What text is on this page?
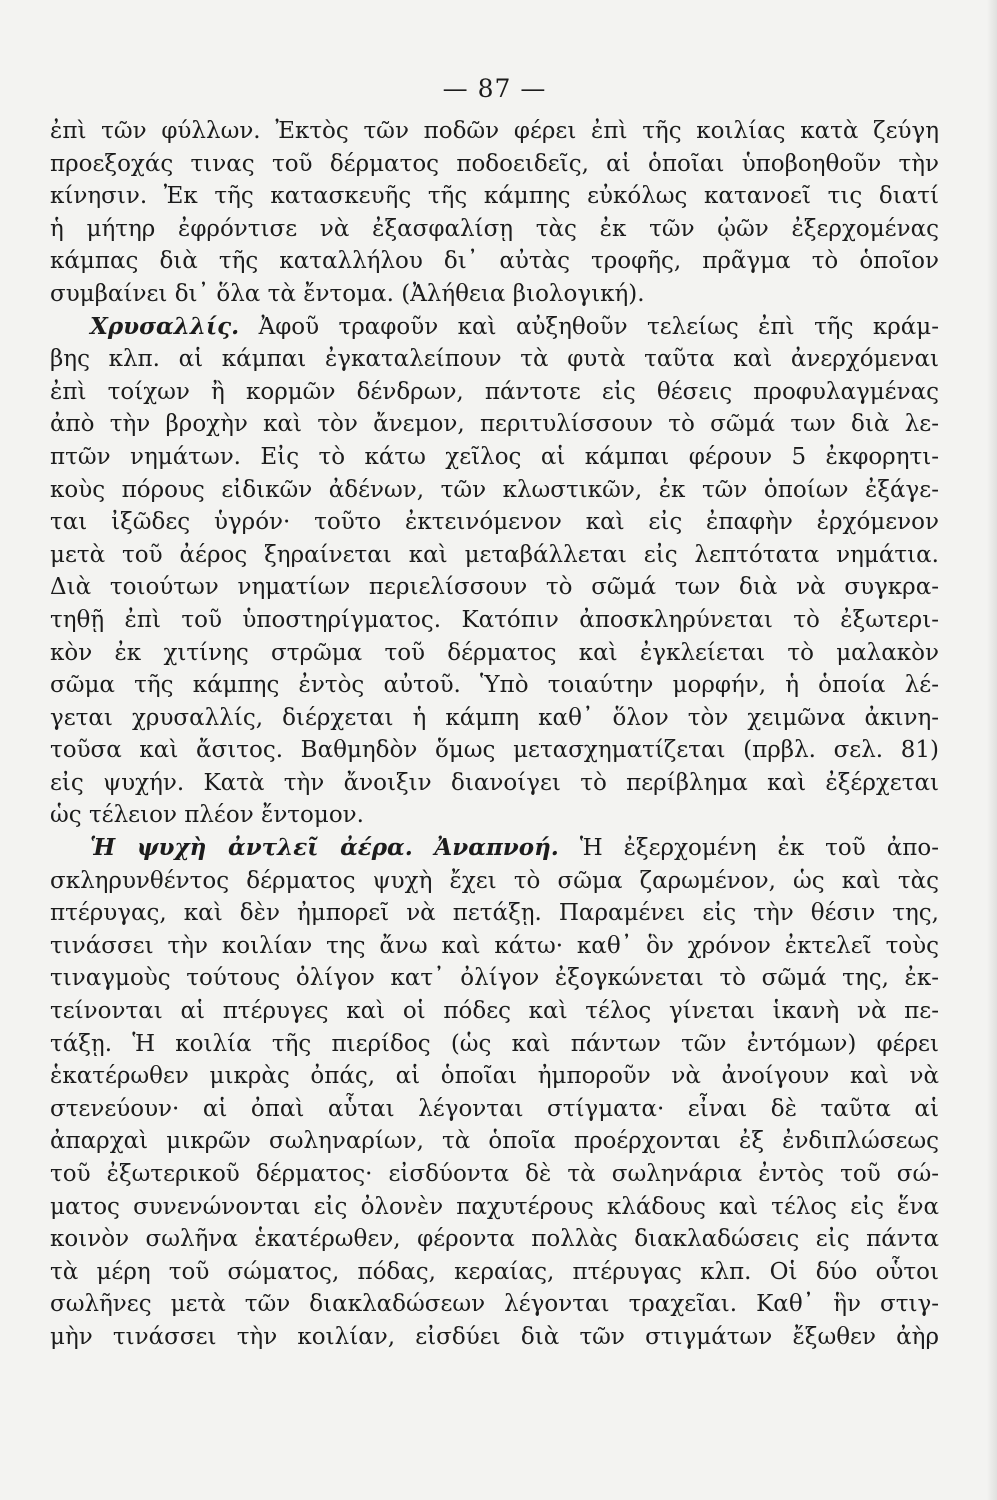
— 87 —
ἐπὶ τῶν φύλλων. Ἐκτὸς τῶν ποδῶν φέρει ἐπὶ τῆς κοιλίας κατὰ ζεύγη
προεξοχάς τινας τοῦ δέρματος ποδοειδεῖς, αἱ ὁποῖαι ὑποβοηθοῦν τὴν
κίνησιν. Ἐκ τῆς κατασκευῆς τῆς κάμπης εὐκόλως κατανοεῖ τις διατί
ἡ μήτηρ ἐφρόντισε νὰ ἐξασφαλίσῃ τὰς ἐκ τῶν ᾠῶν ἐξερχομένας
κάμπας διὰ τῆς καταλλήλου δι᾿ αὐτὰς τροφῆς, πρᾶγμα τὸ ὁποῖον
συμβαίνει δι᾿ ὅλα τὰ ἔντομα. (Ἀλήθεια βιολογική).
Χρυσαλλίς. Ἀφοῦ τραφοῦν καὶ αὐξηθοῦν τελείως ἐπὶ τῆς κράμ-
βης κλπ. αἱ κάμπαι ἐγκαταλείπουν τὰ φυτὰ ταῦτα καὶ ἀνερχόμεναι
ἐπὶ τοίχων ἢ κορμῶν δένδρων, πάντοτε εἰς θέσεις προφυλαγμένας
ἀπὸ τὴν βροχὴν καὶ τὸν ἄνεμον, περιτυλίσσουν τὸ σῶμά των διὰ λε-
πτῶν νημάτων. Εἰς τὸ κάτω χεῖλος αἱ κάμπαι φέρουν 5 ἐκφορητι-
κοὺς πόρους εἰδικῶν ἀδένων, τῶν κλωστικῶν, ἐκ τῶν ὁποίων ἐξάγε-
ται ἰξῶδες ὑγρόν· τοῦτο ἐκτεινόμενον καὶ εἰς ἐπαφὴν ἐρχόμενον
μετὰ τοῦ ἀέρος ξηραίνεται καὶ μεταβάλλεται εἰς λεπτότατα νημάτια.
Διὰ τοιούτων νηματίων περιελίσσουν τὸ σῶμά των διὰ νὰ συγκρα-
τηθῇ ἐπὶ τοῦ ὑποστηρίγματος. Κατόπιν ἀποσκληρύνεται τὸ ἐξωτερι-
κὸν ἐκ χιτίνης στρῶμα τοῦ δέρματος καὶ ἐγκλείεται τὸ μαλακὸν
σῶμα τῆς κάμπης ἐντὸς αὐτοῦ. Ὑπὸ τοιαύτην μορφήν, ἡ ὁποία λέ-
γεται χρυσαλλίς, διέρχεται ἡ κάμπη καθ᾿ ὅλον τὸν χειμῶνα ἀκινη-
τοῦσα καὶ ἄσιτος. Βαθμηδὸν ὅμως μετασχηματίζεται (πρβλ. σελ. 81)
εἰς ψυχήν. Κατὰ τὴν ἄνοιξιν διανοίγει τὸ περίβλημα καὶ ἐξέρχεται
ὡς τέλειον πλέον ἔντομον.
Ἡ ψυχὴ ἀντλεῖ ἀέρα. Ἀναπνοή. Ἡ ἐξερχομένη ἐκ τοῦ ἀπο-
σκληρυνθέντος δέρματος ψυχὴ ἔχει τὸ σῶμα ζαρωμένον, ὡς καὶ τὰς
πτέρυγας, καὶ δὲν ἠμπορεῖ νὰ πετάξῃ. Παραμένει εἰς τὴν θέσιν της,
τινάσσει τὴν κοιλίαν της ἄνω καὶ κάτω· καθ᾿ ὃν χρόνον ἐκτελεῖ τοὺς
τιναγμοὺς τούτους ὀλίγον κατ᾿ ὀλίγον ἐξογκώνεται τὸ σῶμά της, ἐκ-
τείνονται αἱ πτέρυγες καὶ οἱ πόδες καὶ τέλος γίνεται ἱκανὴ νὰ πε-
τάξῃ. Ἡ κοιλία τῆς πιερίδος (ὡς καὶ πάντων τῶν ἐντόμων) φέρει
ἑκατέρωθεν μικρὰς ὀπάς, αἱ ὁποῖαι ἠμποροῦν νὰ ἀνοίγουν καὶ νὰ
στενεύουν· αἱ ὀπαὶ αὗται λέγονται στίγματα· εἶναι δὲ ταῦτα αἱ
ἀπαρχαὶ μικρῶν σωληναρίων, τὰ ὁποῖα προέρχονται ἐξ ἐνδιπλώσεως
τοῦ ἐξωτερικοῦ δέρματος· εἰσδύοντα δὲ τὰ σωληνάρια ἐντὸς τοῦ σώ-
ματος συνενώνονται εἰς ὀλονὲν παχυτέρους κλάδους καὶ τέλος εἰς ἕνα
κοινὸν σωλῆνα ἑκατέρωθεν, φέροντα πολλὰς διακλαδώσεις εἰς πάντα
τὰ μέρη τοῦ σώματος, πόδας, κεραίας, πτέρυγας κλπ. Οἱ δύο οὗτοι
σωλῆνες μετὰ τῶν διακλαδώσεων λέγονται τραχεῖαι. Καθ᾿ ἣν στιγ-
μὴν τινάσσει τὴν κοιλίαν, εἰσδύει διὰ τῶν στιγμάτων ἔξωθεν ἀὴρ
